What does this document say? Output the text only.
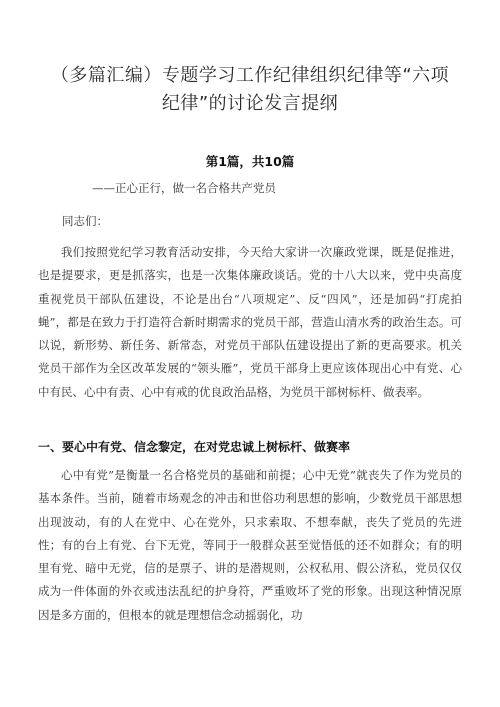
（多篇汇编）专题学习工作纪律组织纪律等“六项
纪律”的讨论发言提纲
第1篇，共10篇
——正心正行，做一名合格共产党员
同志们：
我们按照党纪学习教育活动安排，今天给大家讲一次廉政党课，既是促推进，也是提要求，更是抓落实，也是一次集体廉政谈话。党的十八大以来，党中央高度重视党员干部队伍建设，不论是出台“八项规定”、反“四风”，还是加码“打虎拍蝇”，都是在致力于打造符合新时期需求的党员干部，营造山清水秀的政治生态。可以说，新形势、新任务、新常态，对党员干部队伍建设提出了新的更高要求。机关党员干部作为全区改革发展的“领头雁”，党员干部身上更应该体现出心中有党、心中有民、心中有责、心中有戒的优良政治品格，为党员干部树标杆、做表率。
一、要心中有党、信念黎定，在对党忠诚上树标杆、做赛率
心中有党”是衡量一名合格党员的基础和前提；心中无党”就丧失了作为党员的基本条件。当前，随着市场观念的冲击和世俗功利思想的影响，少数党员干部思想出现波动，有的人在党中、心在党外，只求索取、不想奉献，丧失了党员的先进性；有的台上有党、台下无党，等同于一般群众甚至觉悟低的还不如群众；有的明里有党、暗中无党，信的是票子、讲的是潜规则，公权私用、假公济私，党员仅仅成为一件体面的外衣或违法乱纪的护身符，严重败坏了党的形象。出现这种情况原因是多方面的，但根本的就是理想信念动摇弱化，功
